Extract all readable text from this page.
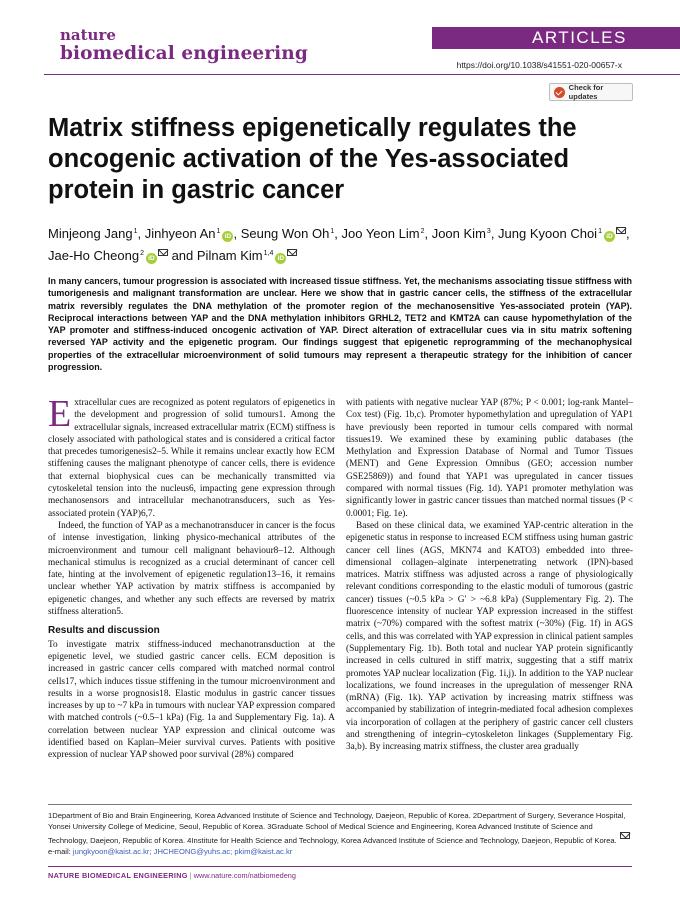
nature
biomedical engineering
ARTICLES
https://doi.org/10.1038/s41551-020-00657-x
Check for updates
Matrix stiffness epigenetically regulates the oncogenic activation of the Yes-associated protein in gastric cancer
Minjeong Jang$^1$, Jinhyeon An$^1$iD , Seung Won Oh$^1$, Joo Yeon Lim$^2$, Joon Kim$^3$, Jung Kyoon Choi$^1$iD ,
Jae-Ho Cheong$^2$iD and Pilnam Kim$^{1,4}$iD
In many cancers, tumour progression is associated with increased tissue stiffness. Yet, the mechanisms associating tissue stiffness with tumorigenesis and malignant transformation are unclear. Here we show that in gastric cancer cells, the stiffness of the extracellular matrix reversibly regulates the DNA methylation of the promoter region of the mechanosensitive Yes-associated protein (YAP). Reciprocal interactions between YAP and the DNA methylation inhibitors GRHL2, TET2 and KMT2A can cause hypomethylation of the YAP promoter and stiffness-induced oncogenic activation of YAP. Direct alteration of extracellular cues via in situ matrix softening reversed YAP activity and the epigenetic program. Our findings suggest that epigenetic reprogramming of the mechanophysical properties of the extracellular microenvironment of solid tumours may represent a therapeutic strategy for the inhibition of cancer progression.

Extracellular cues are recognized as potent regulators of epigenetics in the development and progression of solid tumours1. Among the extracellular signals, increased extracellular matrix (ECM) stiffness is closely associated with pathological states and is considered a critical factor that precedes tumorigenesis2–5. While it remains unclear exactly how ECM stiffening causes the malignant phenotype of cancer cells, there is evidence that external biophysical cues can be mechanically transmitted via cytoskeletal tension into the nucleus6, impacting gene expression through mechanosensors and intracellular mechanotransducers, such as Yes-associated protein (YAP)6,7.

Indeed, the function of YAP as a mechanotransducer in cancer is the focus of intense investigation, linking physico-mechanical attributes of the microenvironment and tumour cell malignant behaviour8–12. Although mechanical stimulus is recognized as a crucial determinant of cancer cell fate, hinting at the involvement of epigenetic regulation13–16, it remains unclear whether YAP activation by matrix stiffness is accompanied by epigenetic changes, and whether any such effects are reversed by matrix stiffness alteration5.

Results and discussion

To investigate matrix stiffness-induced mechanotransduction at the epigenetic level, we studied gastric cancer cells. ECM deposition is increased in gastric cancer cells compared with matched normal control cells17, which induces tissue stiffening in the tumour microenvironment and results in a worse prognosis18. Elastic modulus in gastric cancer tissues increases by up to ~7 kPa in tumours with nuclear YAP expression compared with matched controls (~0.5–1 kPa) (Fig. 1a and Supplementary Fig. 1a). A correlation between nuclear YAP expression and clinical outcome was identified based on Kaplan–Meier survival curves. Patients with positive expression of nuclear YAP showed poor survival (28%) compared

with patients with negative nuclear YAP (87%; P < 0.001; log-rank Mantel–Cox test) (Fig. 1b,c). Promoter hypomethylation and upregulation of YAP1 have previously been reported in tumour cells compared with normal tissues19. We examined these by examining public databases (the Methylation and Expression Database of Normal and Tumor Tissues (MENT) and Gene Expression Omnibus (GEO; accession number GSE25869)) and found that YAP1 was upregulated in cancer tissues compared with normal tissues (Fig. 1d). YAP1 promoter methylation was significantly lower in gastric cancer tissues than matched normal tissues (P < 0.0001; Fig. 1e).

Based on these clinical data, we examined YAP-centric alteration in the epigenetic status in response to increased ECM stiffness using human gastric cancer cell lines (AGS, MKN74 and KATO3) embedded into three-dimensional collagen–alginate interpenetrating network (IPN)-based matrices. Matrix stiffness was adjusted across a range of physiologically relevant conditions corresponding to the elastic moduli of tumorous (gastric cancer) tissues (~0.5 kPa > G′ > ~6.8 kPa) (Supplementary Fig. 2). The fluorescence intensity of nuclear YAP expression increased in the stiffest matrix (~70%) compared with the softest matrix (~30%) (Fig. 1f) in AGS cells, and this was correlated with YAP expression in clinical patient samples (Supplementary Fig. 1b). Both total and nuclear YAP protein significantly increased in cells cultured in stiff matrix, suggesting that a stiff matrix promotes YAP nuclear localization (Fig. 1i,j). In addition to the YAP nuclear localizations, we found increases in the upregulation of messenger RNA (mRNA) (Fig. 1k). YAP activation by increasing matrix stiffness was accompanied by stabilization of integrin-mediated focal adhesion complexes via incorporation of collagen at the periphery of gastric cancer cell clusters and strengthening of integrin–cytoskeleton linkages (Supplementary Fig. 3a,b). By increasing matrix stiffness, the cluster area gradually

1Department of Bio and Brain Engineering, Korea Advanced Institute of Science and Technology, Daejeon, Republic of Korea. 2Department of Surgery, Severance Hospital, Yonsei University College of Medicine, Seoul, Republic of Korea. 3Graduate School of Medical Science and Engineering, Korea Advanced Institute of Science and Technology, Daejeon, Republic of Korea. 4Institute for Health Science and Technology, Korea Advanced Institute of Science and Technology, Daejeon, Republic of Korea. e-mail: jungkyoon@kaist.ac.kr; JHCHEONG@yuhs.ac; pkim@kaist.ac.kr
NATURE BIOMEDICAL ENGINEERING | www.nature.com/natbiomedeng
